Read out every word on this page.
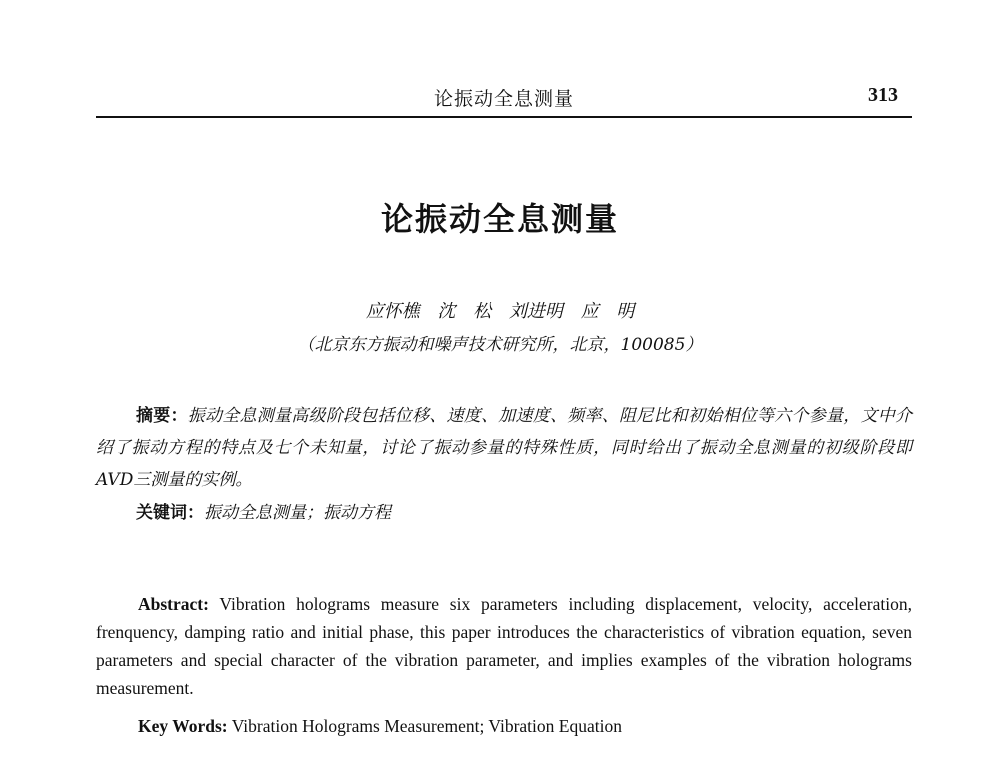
论振动全息测量	313
论振动全息测量
应怀樵 沈 松 刘进明 应 明
（北京东方振动和噪声技术研究所，北京，100085）
摘要：振动全息测量高级阶段包括位移、速度、加速度、频率、阻尼比和初始相位等六个参量，文中介绍了振动方程的特点及七个未知量，讨论了振动参量的特殊性质，同时给出了振动全息测量的初级阶段即AVD三测量的实例。
关键词：振动全息测量；振动方程
Abstract: Vibration holograms measure six parameters including displacement, velocity, acceleration, frenquency, damping ratio and initial phase, this paper introduces the characteristics of vibration equation, seven parameters and special character of the vibration parameter, and implies examples of the vibration holograms measurement.
Key Words: Vibration Holograms Measurement; Vibration Equation
